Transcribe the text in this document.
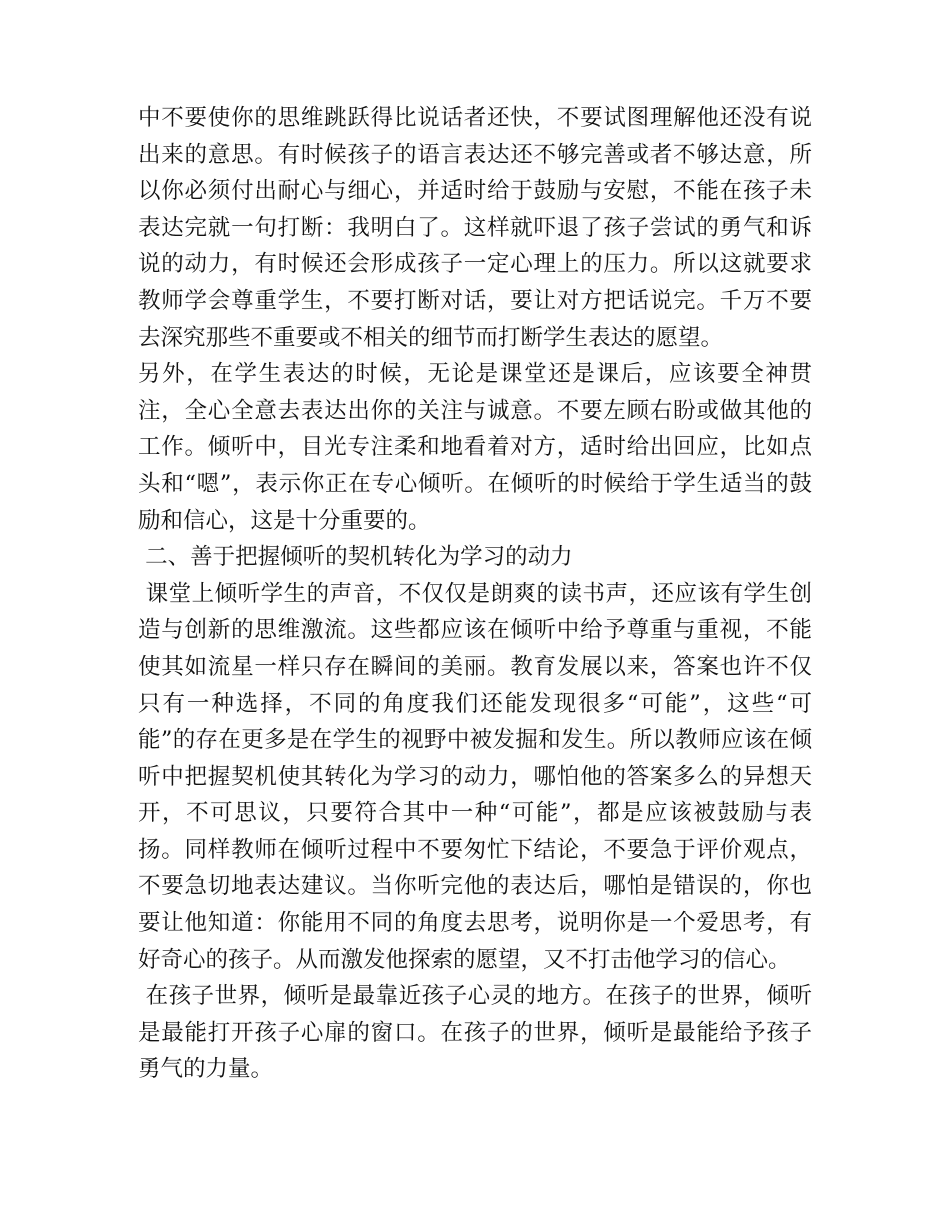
中不要使你的思维跳跃得比说话者还快，不要试图理解他还没有说出来的意思。有时候孩子的语言表达还不够完善或者不够达意，所以你必须付出耐心与细心，并适时给于鼓励与安慰，不能在孩子未表达完就一句打断：我明白了。这样就吓退了孩子尝试的勇气和诉说的动力，有时候还会形成孩子一定心理上的压力。所以这就要求教师学会尊重学生，不要打断对话，要让对方把话说完。千万不要去深究那些不重要或不相关的细节而打断学生表达的愿望。

另外，在学生表达的时候，无论是课堂还是课后，应该要全神贯注，全心全意去表达出你的关注与诚意。不要左顾右盼或做其他的工作。倾听中，目光专注柔和地看着对方，适时给出回应，比如点头和“嗯”，表示你正在专心倾听。在倾听的时候给于学生适当的鼓励和信心，这是十分重要的。

二、善于把握倾听的契机转化为学习的动力

课堂上倾听学生的声音，不仅仅是朗爽的读书声，还应该有学生创造与创新的思维激流。这些都应该在倾听中给予尊重与重视，不能使其如流星一样只存在瞬间的美丽。教育发展以来，答案也许不仅只有一种选择，不同的角度我们还能发现很多“可能”，这些“可能”的存在更多是在学生的视野中被发掘和发生。所以教师应该在倾听中把握契机使其转化为学习的动力，哪怕他的答案多么的异想天开，不可思议，只要符合其中一种“可能”，都是应该被鼓励与表扬。同样教师在倾听过程中不要匆忙下结论，不要急于评价观点，不要急切地表达建议。当你听完他的表达后，哪怕是错误的，你也要让他知道：你能用不同的角度去思考，说明你是一个爱思考，有好奇心的孩子。从而激发他探索的愿望，又不打击他学习的信心。

在孩子世界，倾听是最靠近孩子心灵的地方。在孩子的世界，倾听是最能打开孩子心扉的窗口。在孩子的世界，倾听是最能给予孩子勇气的力量。
